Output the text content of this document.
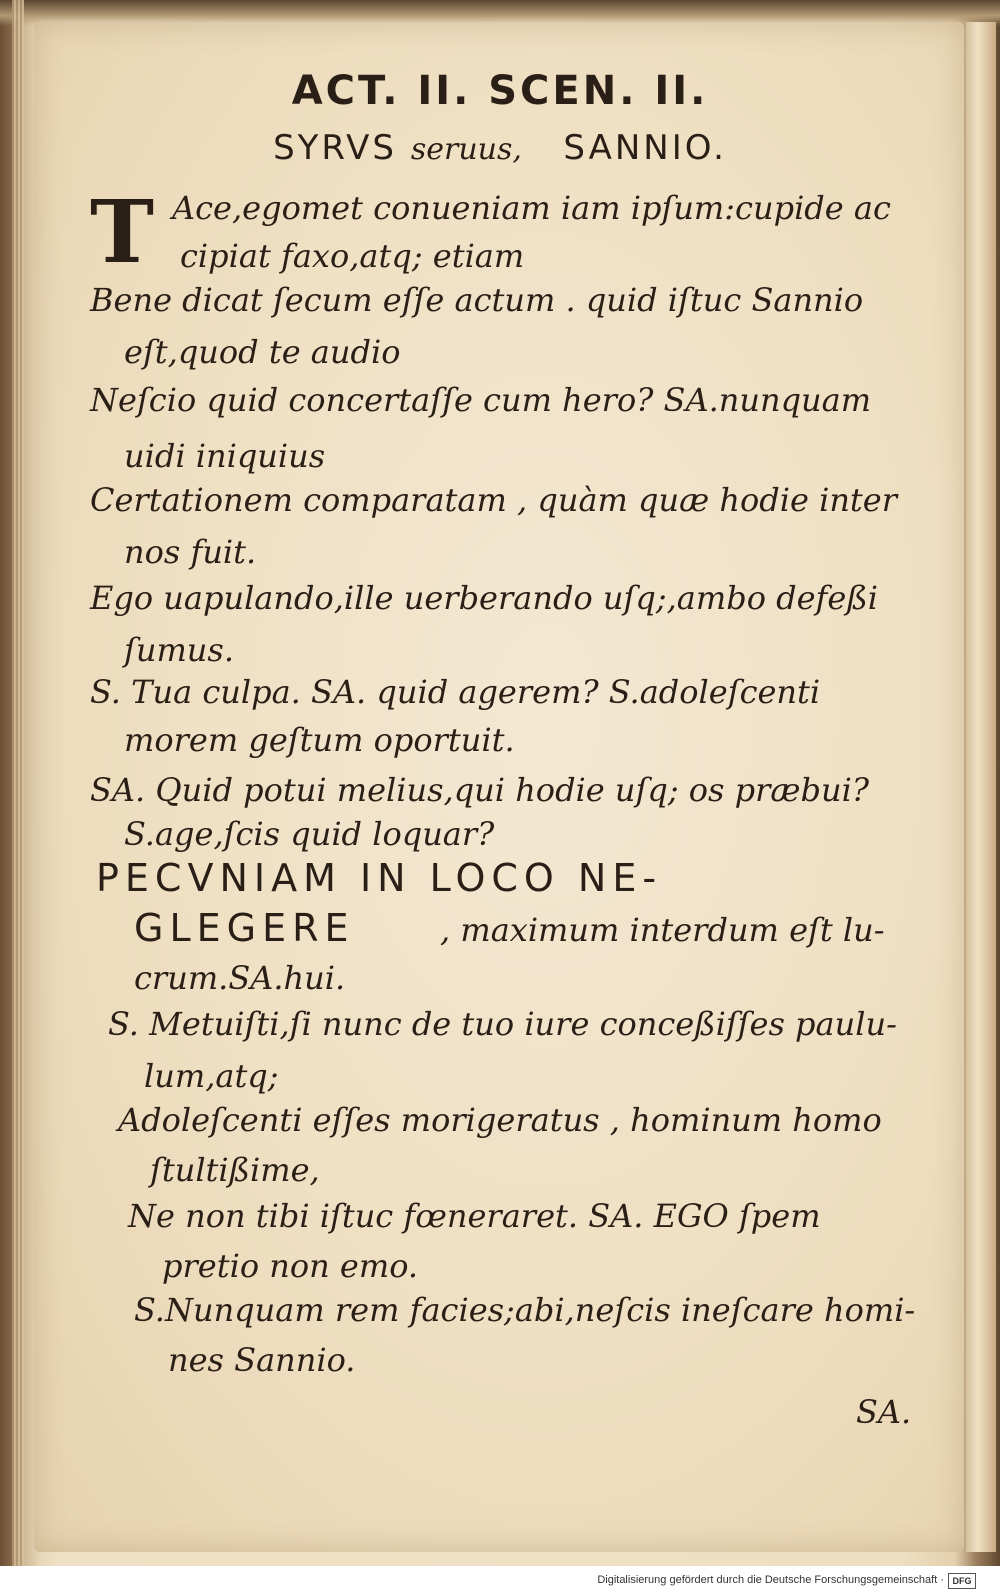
ACT. II. SCEN. II.
SYRVS seruus, SANNIO.
T Ace,egomet conueniam iam ipſum:cupide ac
cipiat faxo,atq; etiam
Bene dicat ſecum eſſe actum . quid iſtuc Sannio
eſt,quod te audio
Neſcio quid concertaſſe cum hero? SA.nunquam
uidi iniquius
Certationem comparatam , quàm quæ hodie inter
nos fuit.
Ego uapulando,ille uerberando uſq;,ambo defeßi
ſumus.
S. Tua culpa. SA. quid agerem? S.adoleſcenti
morem geſtum oportuit.
SA. Quid potui melius,qui hodie uſq; os præbui?
S.age,ſcis quid loquar?
PECVNIAM IN LOCO NE-
GLEGERE	, maximum interdum eſt lu-
crum.SA.hui.
S. Metuiſti,ſi nunc de tuo iure conceßiſſes paulu-
lum,atq;
Adoleſcenti eſſes morigeratus , hominum homo
ſtultißime,
Ne non tibi iſtuc fœneraret. SA. EGO ſpem
pretio non emo.
S.Nunquam rem facies;abi,neſcis ineſcare homi-
nes Sannio.
SA.
Digitalisierung gefördert durch die Deutsche Forschungsgemeinschaft · DFG
